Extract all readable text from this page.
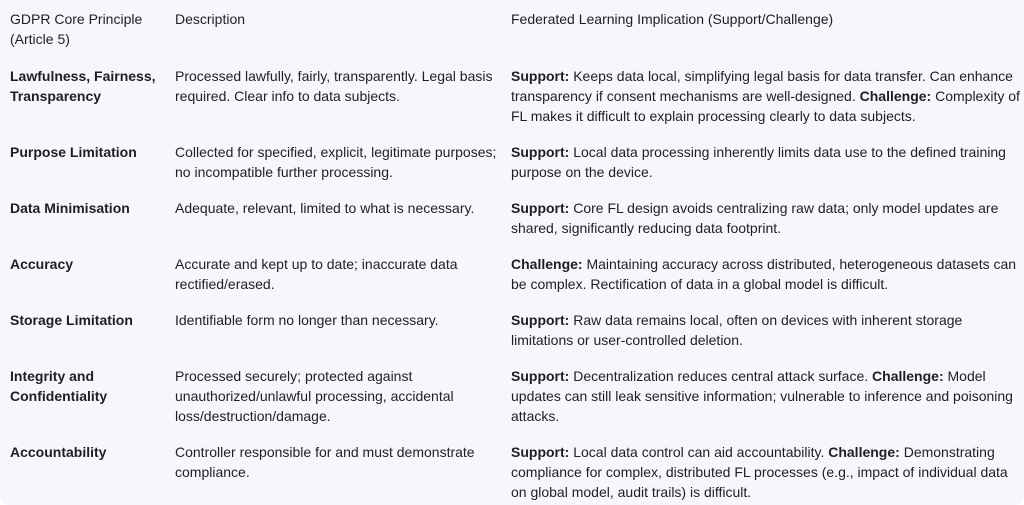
GDPR Core Principle (Article 5)	Description	Federated Learning Implication (Support/Challenge)
Lawfulness, Fairness, Transparency	Processed lawfully, fairly, transparently. Legal basis required. Clear info to data subjects.	Support: Keeps data local, simplifying legal basis for data transfer. Can enhance transparency if consent mechanisms are well-designed. Challenge: Complexity of FL makes it difficult to explain processing clearly to data subjects.
Purpose Limitation	Collected for specified, explicit, legitimate purposes; no incompatible further processing.	Support: Local data processing inherently limits data use to the defined training purpose on the device.
Data Minimisation	Adequate, relevant, limited to what is necessary.	Support: Core FL design avoids centralizing raw data; only model updates are shared, significantly reducing data footprint.
Accuracy	Accurate and kept up to date; inaccurate data rectified/erased.	Challenge: Maintaining accuracy across distributed, heterogeneous datasets can be complex. Rectification of data in a global model is difficult.
Storage Limitation	Identifiable form no longer than necessary.	Support: Raw data remains local, often on devices with inherent storage limitations or user-controlled deletion.
Integrity and Confidentiality	Processed securely; protected against unauthorized/unlawful processing, accidental loss/destruction/damage.	Support: Decentralization reduces central attack surface. Challenge: Model updates can still leak sensitive information; vulnerable to inference and poisoning attacks.
Accountability	Controller responsible for and must demonstrate compliance.	Support: Local data control can aid accountability. Challenge: Demonstrating compliance for complex, distributed FL processes (e.g., impact of individual data on global model, audit trails) is difficult.
